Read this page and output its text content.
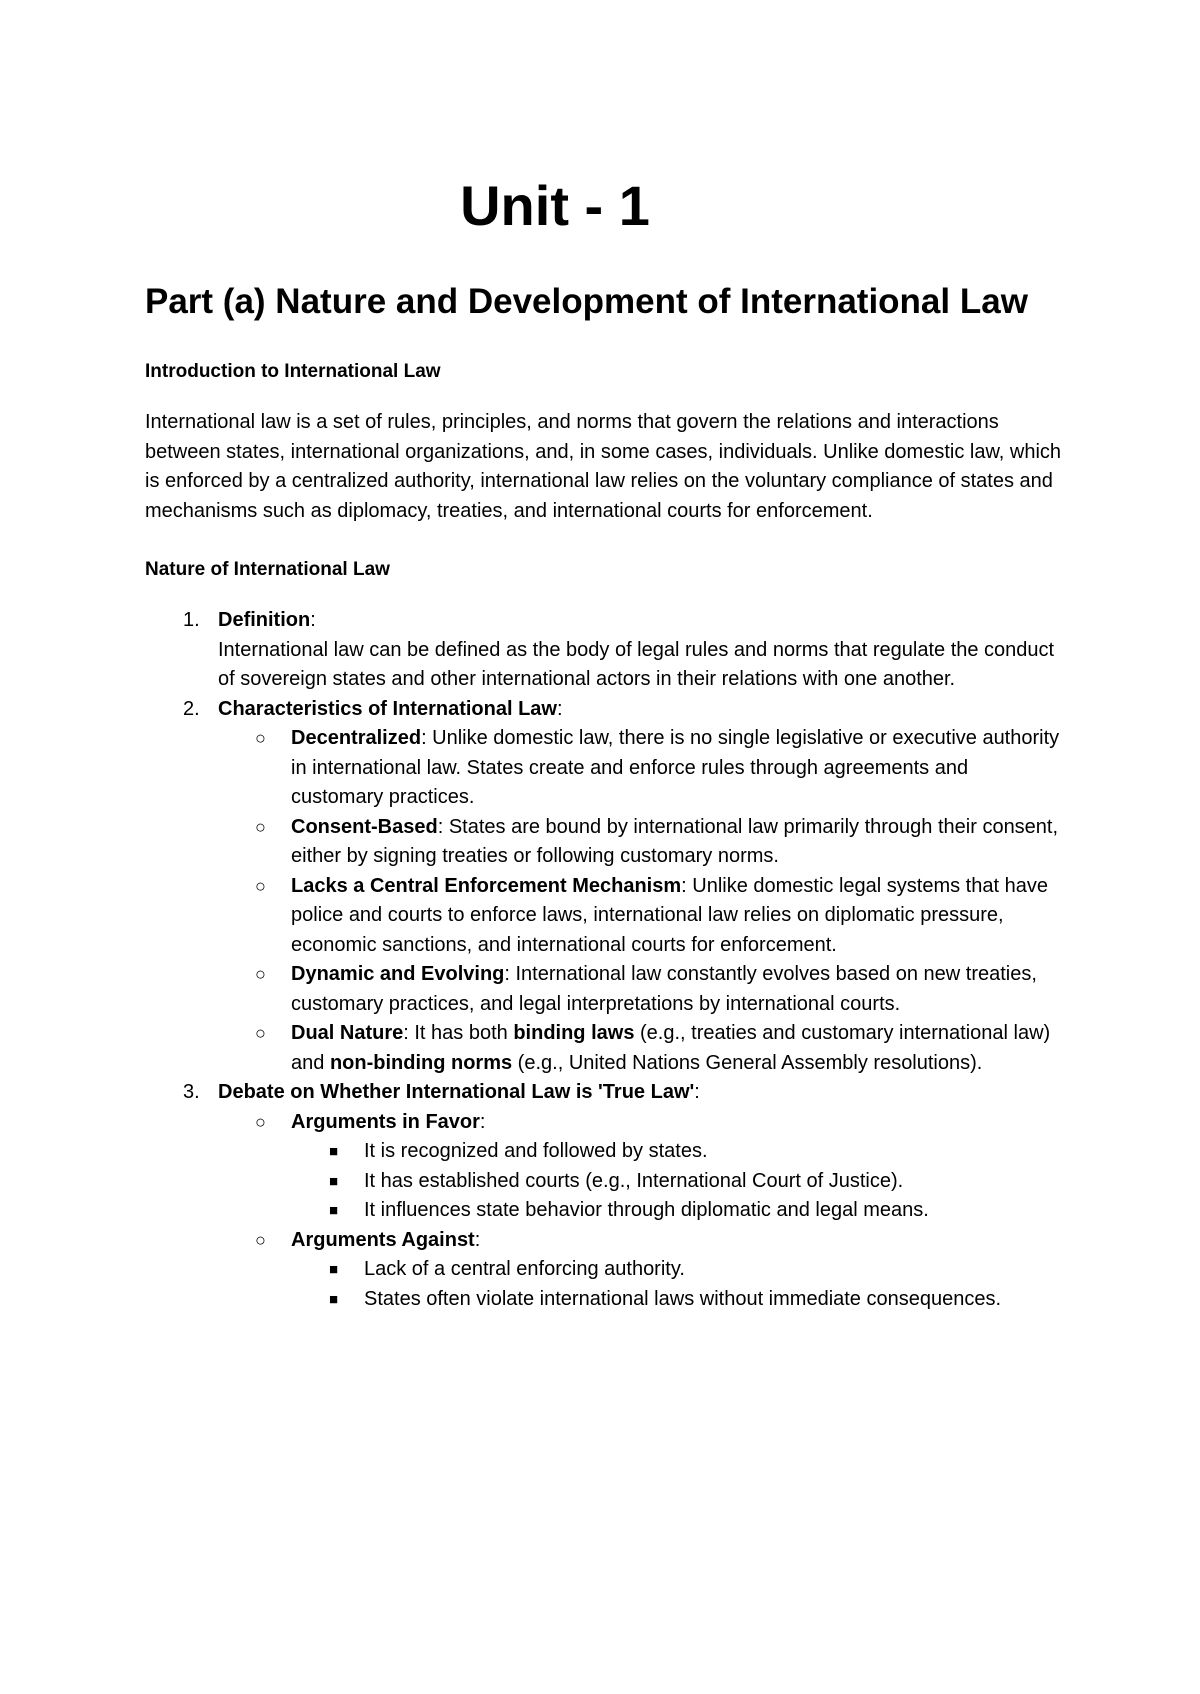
Unit - 1
Part (a) Nature and Development of International Law
Introduction to International Law

International law is a set of rules, principles, and norms that govern the relations and interactions between states, international organizations, and, in some cases, individuals. Unlike domestic law, which is enforced by a centralized authority, international law relies on the voluntary compliance of states and mechanisms such as diplomacy, treaties, and international courts for enforcement.

Nature of International Law
1. Definition:
International law can be defined as the body of legal rules and norms that regulate the conduct of sovereign states and other international actors in their relations with one another.
2. Characteristics of International Law:
○ Decentralized: Unlike domestic law, there is no single legislative or executive authority in international law. States create and enforce rules through agreements and customary practices.
○ Consent-Based: States are bound by international law primarily through their consent, either by signing treaties or following customary norms.
○ Lacks a Central Enforcement Mechanism: Unlike domestic legal systems that have police and courts to enforce laws, international law relies on diplomatic pressure, economic sanctions, and international courts for enforcement.
○ Dynamic and Evolving: International law constantly evolves based on new treaties, customary practices, and legal interpretations by international courts.
○ Dual Nature: It has both binding laws (e.g., treaties and customary international law) and non-binding norms (e.g., United Nations General Assembly resolutions).
3. Debate on Whether International Law is 'True Law':
○ Arguments in Favor:
■ It is recognized and followed by states.
■ It has established courts (e.g., International Court of Justice).
■ It influences state behavior through diplomatic and legal means.
○ Arguments Against:
■ Lack of a central enforcing authority.
■ States often violate international laws without immediate consequences.
